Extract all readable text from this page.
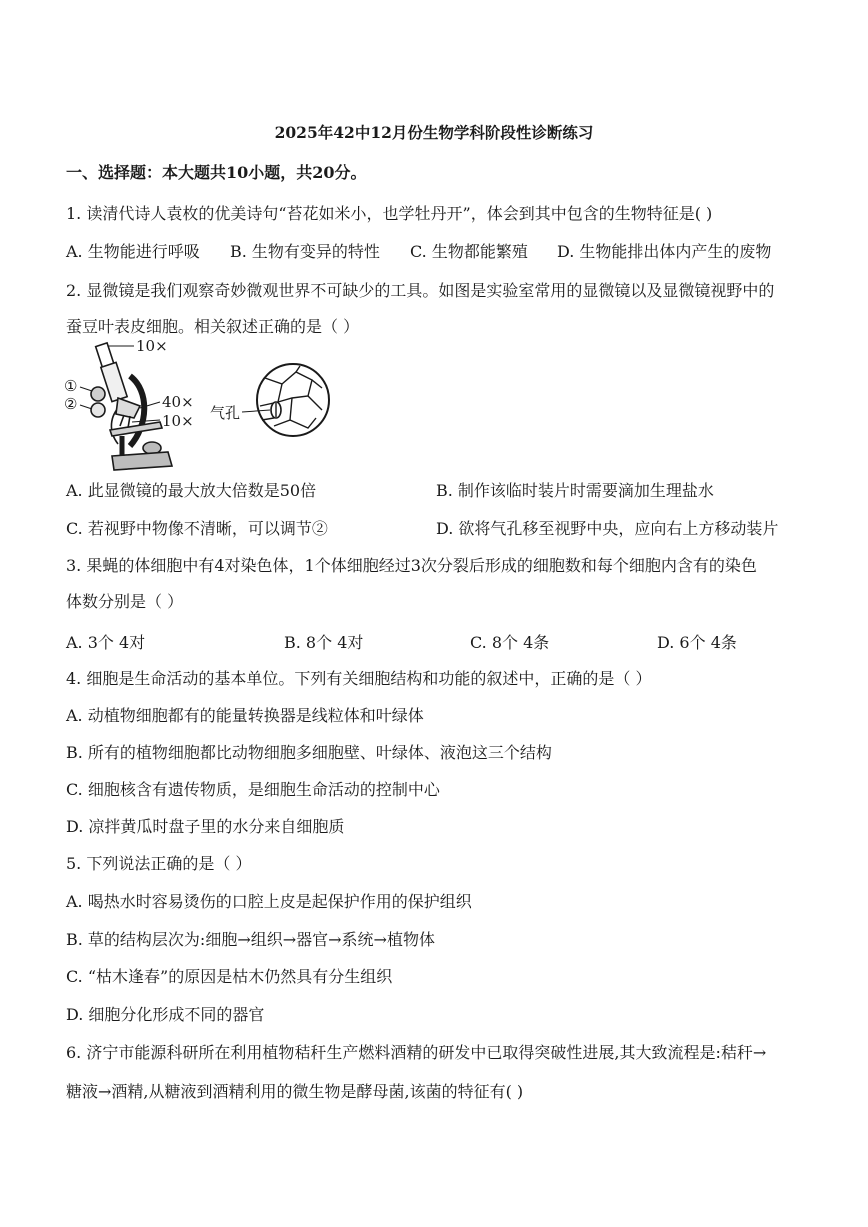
2025年42中12月份生物学科阶段性诊断练习
一、选择题：本大题共10小题，共20分。
1. 读清代诗人袁枚的优美诗句“苔花如米小，也学牡丹开”，体会到其中包含的生物特征是( )
A. 生物能进行呼吸 B. 生物有变异的特性 C. 生物都能繁殖 D. 生物能排出体内产生的废物
2. 显微镜是我们观察奇妙微观世界不可缺少的工具。如图是实验室常用的显微镜以及显微镜视野中的
蚕豆叶表皮细胞。相关叙述正确的是（ ）
10×
①
②	40×
10× 气孔
A. 此显微镜的最大放大倍数是50倍	B. 制作该临时装片时需要滴加生理盐水
C. 若视野中物像不清晰，可以调节②	D. 欲将气孔移至视野中央，应向右上方移动装片
3. 果蝇的体细胞中有4对染色体，1个体细胞经过3次分裂后形成的细胞数和每个细胞内含有的染色
体数分别是（ ）
A. 3个 4对	B. 8个 4对	C. 8个 4条	D. 6个 4条
4. 细胞是生命活动的基本单位。下列有关细胞结构和功能的叙述中，正确的是（ ）
A. 动植物细胞都有的能量转换器是线粒体和叶绿体
B. 所有的植物细胞都比动物细胞多细胞壁、叶绿体、液泡这三个结构
C. 细胞核含有遗传物质，是细胞生命活动的控制中心
D. 凉拌黄瓜时盘子里的水分来自细胞质
5. 下列说法正确的是（ ）
A. 喝热水时容易烫伤的口腔上皮是起保护作用的保护组织
B. 草的结构层次为:细胞→组织→器官→系统→植物体
C. “枯木逢春”的原因是枯木仍然具有分生组织
D. 细胞分化形成不同的器官
6. 济宁市能源科研所在利用植物秸秆生产燃料酒精的研发中已取得突破性进展,其大致流程是:秸秆→
糖液→酒精,从糖液到酒精利用的微生物是酵母菌,该菌的特征有( )
